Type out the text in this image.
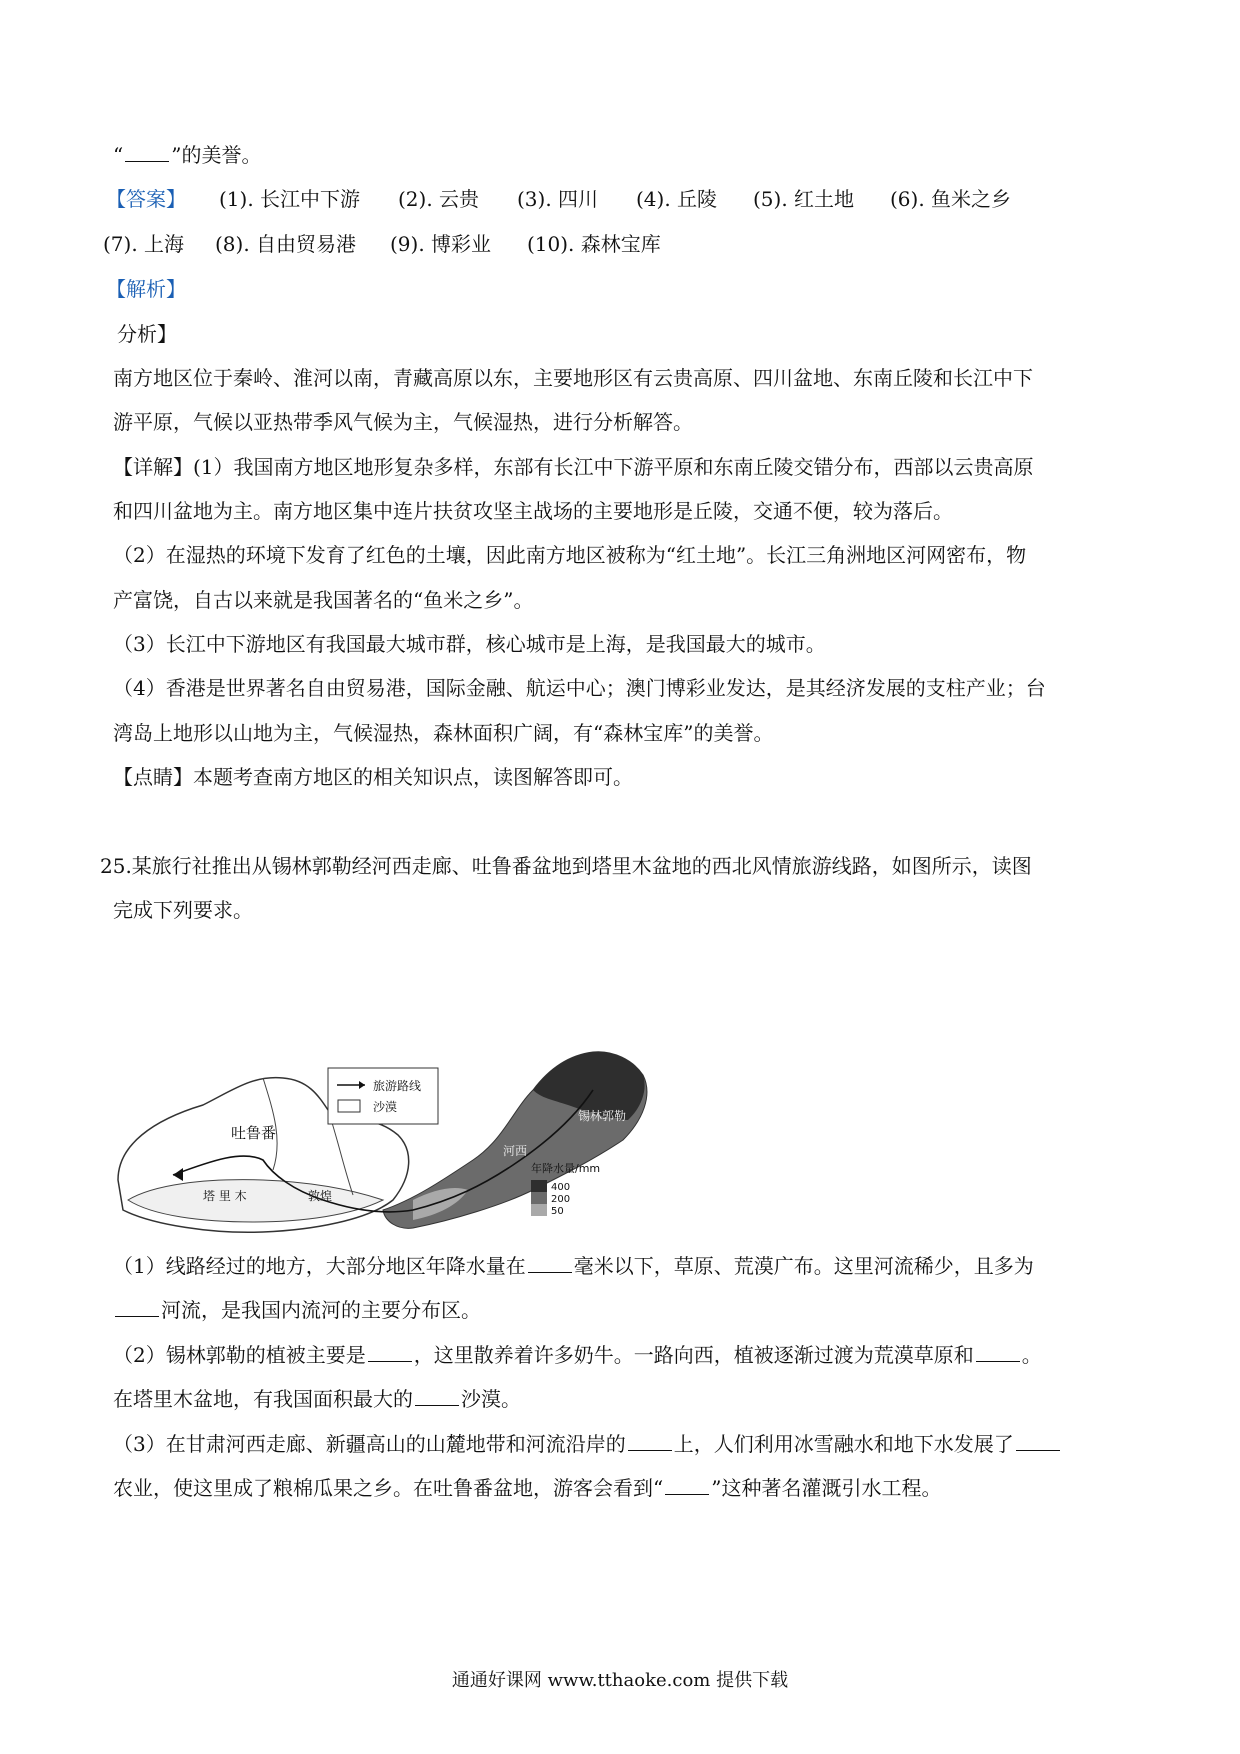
“ ”的美誉。
【答案】 (1). 长江中下游 (2). 云贵 (3). 四川 (4). 丘陵 (5). 红土地 (6). 鱼米之乡
(7). 上海 (8). 自由贸易港 (9). 博彩业 (10). 森林宝库
【解析】
分析】
南方地区位于秦岭、淮河以南，青藏高原以东，主要地形区有云贵高原、四川盆地、东南丘陵和长江中下
游平原，气候以亚热带季风气候为主，气候湿热，进行分析解答。
【详解】(1）我国南方地区地形复杂多样，东部有长江中下游平原和东南丘陵交错分布，西部以云贵高原
和四川盆地为主。南方地区集中连片扶贫攻坚主战场的主要地形是丘陵，交通不便，较为落后。
（2）在湿热的环境下发育了红色的土壤，因此南方地区被称为“红土地”。长江三角洲地区河网密布，物
产富饶，自古以来就是我国著名的“鱼米之乡”。
（3）长江中下游地区有我国最大城市群，核心城市是上海，是我国最大的城市。
（4）香港是世界著名自由贸易港，国际金融、航运中心；澳门博彩业发达，是其经济发展的支柱产业；台
湾岛上地形以山地为主，气候湿热，森林面积广阔，有“森林宝库”的美誉。
【点睛】本题考查南方地区的相关知识点，读图解答即可。
25.某旅行社推出从锡林郭勒经河西走廊、吐鲁番盆地到塔里木盆地的西北风情旅游线路，如图所示，读图
完成下列要求。
吐鲁番
塔 里 木	敦煌
锡林郭勒
河西
旅游路线
沙漠
年降水量/mm
400
200
50
（1）线路经过的地方，大部分地区年降水量在 毫米以下，草原、荒漠广布。这里河流稀少，且多为
河流，是我国内流河的主要分布区。
（2）锡林郭勒的植被主要是 ，这里散养着许多奶牛。一路向西，植被逐渐过渡为荒漠草原和 。
在塔里木盆地，有我国面积最大的 沙漠。
（3）在甘肃河西走廊、新疆高山的山麓地带和河流沿岸的 上，人们利用冰雪融水和地下水发展了
农业，使这里成了粮棉瓜果之乡。在吐鲁番盆地，游客会看到“ ”这种著名灌溉引水工程。
通通好课网 www.tthaoke.com 提供下载
